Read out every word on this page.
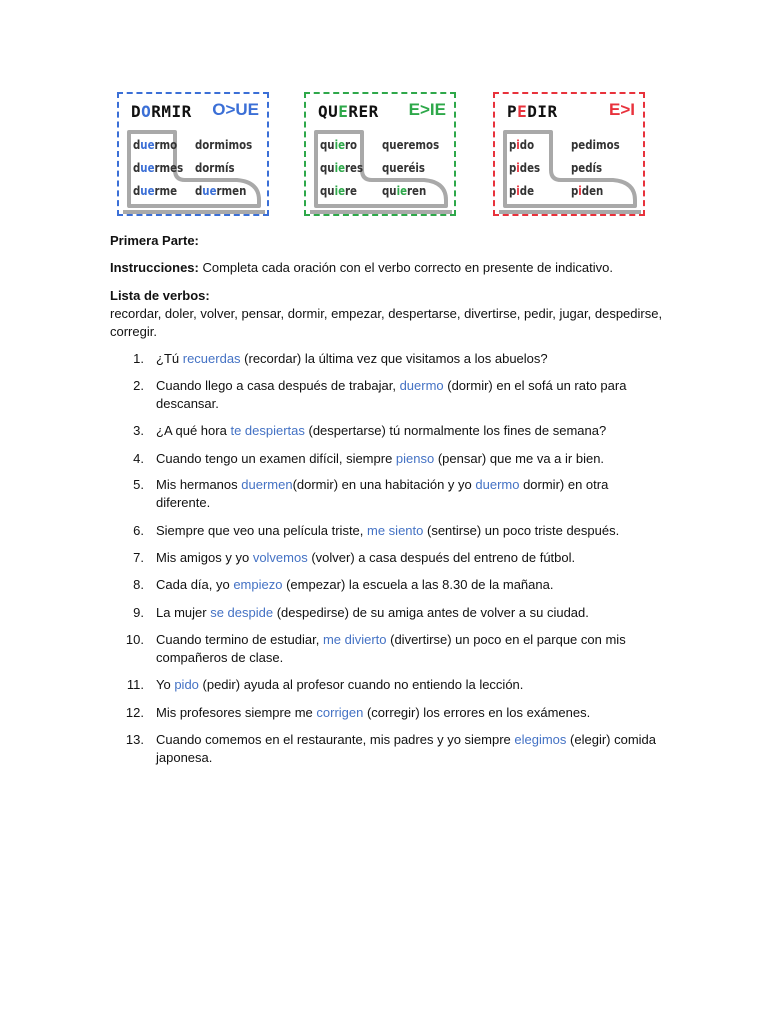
DORMIR O>UE
duermo
duermes
duerme
dormimos
dormís
duermen
QUERER E>IE
quiero
quieres
quiere
queremos
queréis
quieren
PEDIR	E>I
pido
pides
pide
pedimos
pedís
piden
Primera Parte:
Instrucciones: Completa cada oración con el verbo correcto en presente de indicativo.
Lista de verbos:
recordar, doler, volver, pensar, dormir, empezar, despertarse, divertirse, pedir, jugar, despedirse, corregir.
1. ¿Tú recuerdas (recordar) la última vez que visitamos a los abuelos?
2. Cuando llego a casa después de trabajar, duermo (dormir) en el sofá un rato para descansar.
3. ¿A qué hora te despiertas (despertarse) tú normalmente los fines de semana?
4. Cuando tengo un examen difícil, siempre pienso (pensar) que me va a ir bien.
5. Mis hermanos duermen(dormir) en una habitación y yo duermo dormir) en otra diferente.
6. Siempre que veo una película triste, me siento (sentirse) un poco triste después.
7. Mis amigos y yo volvemos (volver) a casa después del entreno de fútbol.
8. Cada día, yo empiezo (empezar) la escuela a las 8.30 de la mañana.
9. La mujer se despide (despedirse) de su amiga antes de volver a su ciudad.
10. Cuando termino de estudiar, me divierto (divertirse) un poco en el parque con mis compañeros de clase.
11. Yo pido (pedir) ayuda al profesor cuando no entiendo la lección.
12. Mis profesores siempre me corrigen (corregir) los errores en los exámenes.
13. Cuando comemos en el restaurante, mis padres y yo siempre elegimos (elegir) comida japonesa.
